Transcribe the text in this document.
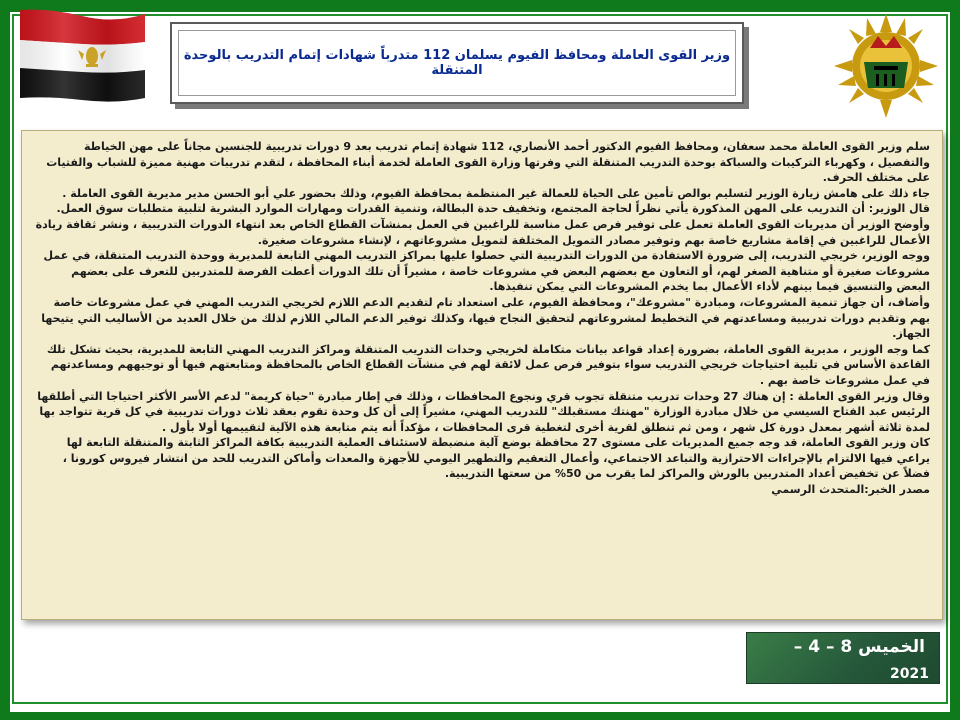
وزير القوى العاملة ومحافظ الفيوم يسلمان 112 متدرباً شهادات إتمام التدريب بالوحدة المتنقلة

سلم وزير القوى العاملة محمد سعفان، ومحافظ الفيوم الدكتور أحمد الأنصاري، 112 شهادة إتمام تدريب بعد 9 دورات تدريبية للجنسين مجاناً على مهن الخياطة والتفصيل ، وكهرباء التركيبات والسباكة بوحدة التدريب المتنقلة التي وفرتها وزارة القوى العاملة لخدمة أبناء المحافظة ، لتقدم تدريبات مهنية مميزة للشباب والفتيات على مختلف الحرف.

جاء ذلك على هامش زيارة الوزير لتسليم بوالص تأمين على الحياة للعمالة غير المنتظمة بمحافظة الفيوم، وذلك بحضور علي أبو الحسن مدير مديرية القوى العاملة .

قال الوزير: أن التدريب على المهن المذكورة يأتي نظراً لحاجة المجتمع، وتخفيف حدة البطالة، وتنمية القدرات ومهارات الموارد البشرية لتلبية متطلبات سوق العمل.

وأوضح الوزير أن مديريات القوى العاملة تعمل على توفير فرص عمل مناسبة للراغبين في العمل بمنشآت القطاع الخاص بعد انتهاء الدورات التدريبية ، ونشر ثقافة ريادة الأعمال للراغبين في إقامة مشاريع خاصة بهم وتوفير مصادر التمويل المختلفة لتمويل مشروعاتهم ، لإنشاء مشروعات صغيرة.

ووجه الوزير، خريجي التدريب، إلى ضرورة الاستفادة من الدورات التدريبية التي حصلوا عليها بمراكز التدريب المهني التابعة للمديرية ووحدة التدريب المتنقلة، في عمل مشروعات صغيرة أو متناهية الصغر لهم، أو التعاون مع بعضهم البعض في مشروعات خاصة ، مشيراً أن تلك الدورات أعطت الفرصة للمتدربين للتعرف على بعضهم البعض والتنسيق فيما بينهم لأداء الأعمال بما يخدم المشروعات التي يمكن تنفيذها.

وأضاف، أن جهاز تنمية المشروعات، ومبادرة "مشروعك"، ومحافظة الفيوم، على استعداد تام لتقديم الدعم اللازم لخريجي التدريب المهني في عمل مشروعات خاصة بهم وتقديم دورات تدريبية ومساعدتهم في التخطيط لمشروعاتهم لتحقيق النجاح فيها، وكذلك توفير الدعم المالي اللازم لذلك من خلال العديد من الأساليب التي يتيحها الجهاز.

كما وجه الوزير ، مديرية القوى العاملة، بضرورة إعداد قواعد بيانات متكاملة لخريجي وحدات التدريب المتنقلة ومراكز التدريب المهني التابعة للمديرية، بحيث تشكل تلك القاعدة الأساس في تلبية احتياجات خريجي التدريب سواء بتوفير فرص عمل لائقة لهم في منشآت القطاع الخاص بالمحافظة ومتابعتهم فيها أو توجيههم ومساعدتهم في عمل مشروعات خاصة بهم .

وقال وزير القوى العاملة : إن هناك 27 وحدات تدريب متنقلة تجوب قري ونجوع المحافظات ، وذلك في إطار مبادرة "حياة كريمة" لدعم الأسر الأكثر احتياجا التي أطلقها الرئيس عبد الفتاح السيسي من خلال مبادرة الوزارة "مهنتك مستقبلك" للتدريب المهني، مشيراً إلى أن كل وحدة تقوم بعقد ثلاث دورات تدريبية في كل قرية تتواجد بها لمدة ثلاثة أشهر بمعدل دورة كل شهر ، ومن ثم تنطلق لقرية أخرى لتغطية قرى المحافظات ، مؤكداً أنه يتم متابعة هذه الآلية لتقييمها أولا بأول .

كان وزير القوى العاملة، قد وجه جميع المديريات على مستوى 27 محافظة بوضع آلية منضبطة لاستئناف العملية التدريبية بكافة المراكز الثابتة والمتنقلة التابعة لها يراعي فيها الالتزام بالإجراءات الاحترازية والتباعد الاجتماعي، وأعمال التعقيم والتطهير اليومي للأجهزة والمعدات وأماكن التدريب للحد من انتشار فيروس كورونا ، فضلاً عن تخفيض أعداد المتدربين بالورش والمراكز لما يقرب من 50% من سعتها التدريبية.

مصدر الخبر:المتحدث الرسمي

الخميس 8 – 4 –
2021
